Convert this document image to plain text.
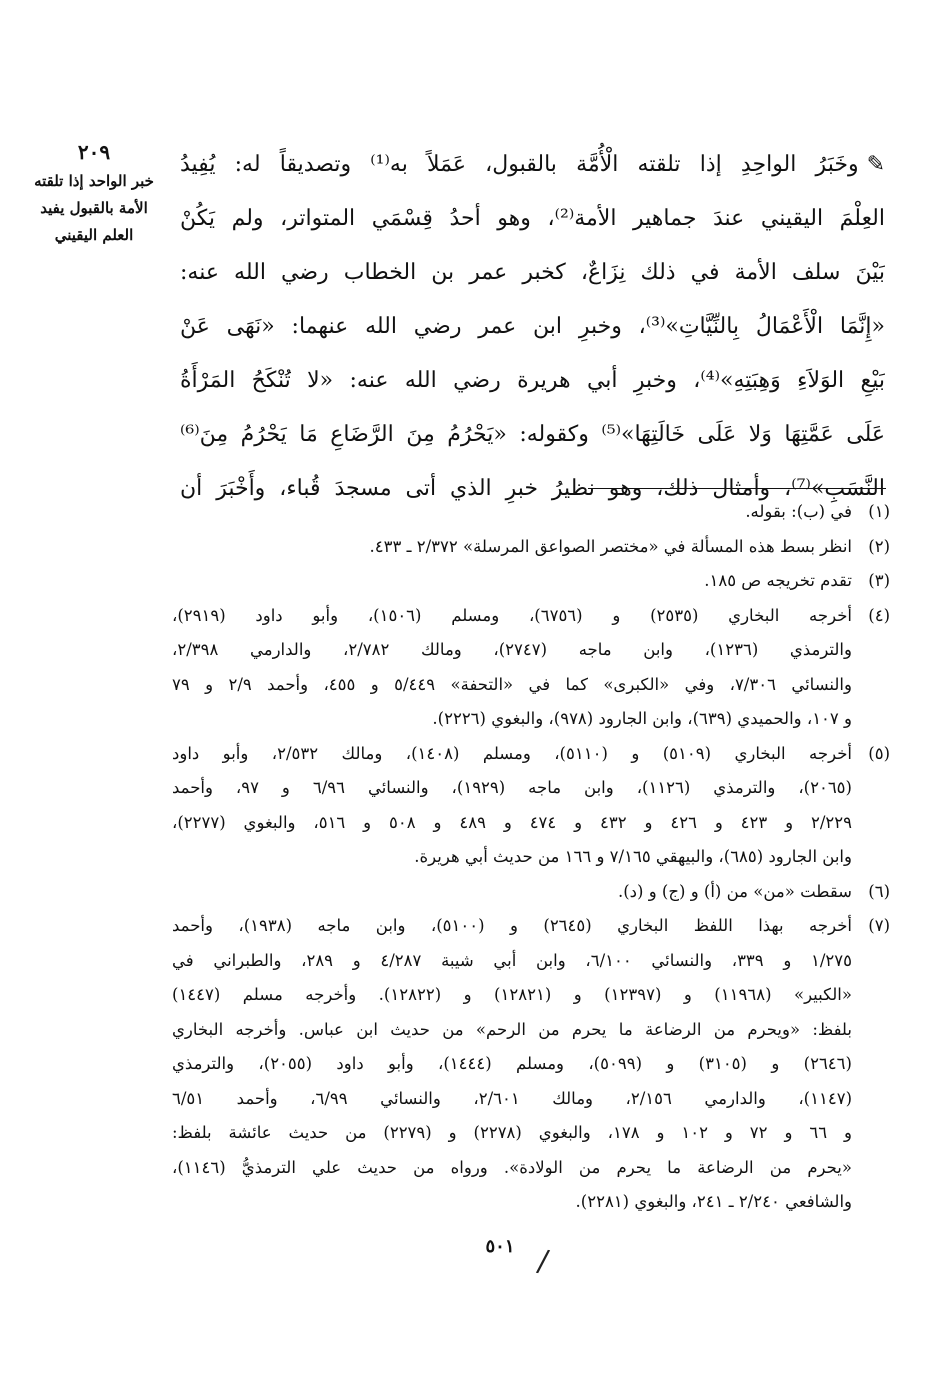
٢٠٩
خبر الواحد إذا تلقته
الأمة بالقبول يفيد
العلم اليقيني
✎وخَبَرُ الواحِدِ إذا تلقته الْأُمَّة بالقبول، عَمَلاً به⁽¹⁾ وتصديقاً له: يُفِيدُ
العِلْمَ اليقيني عندَ جماهير الأمة⁽²⁾، وهو أحدُ قِسْمَي المتواتر، ولم يَكُنْ
بَيْنَ سلف الأمة في ذلك نِزَاعٌ، كخبر عمر بن الخطاب رضي الله عنه:
«إِنَّمَا الْأَعْمَالُ بِالنِّيَّاتِ»⁽³⁾، وخبرِ ابن عمر رضي الله عنهما: «نَهَى عَنْ
بَيْعِ الوَلاَءِ وَهِبَتِهِ»⁽⁴⁾، وخبرِ أبي هريرة رضي الله عنه: «لا تُنْكَحُ المَرْأَةُ
عَلَى عَمَّتِهَا وَلا عَلَى خَالَتِهَا»⁽⁵⁾ وكقوله: «يَحْرُمُ مِنَ الرَّضَاعِ مَا يَحْرُمُ مِنَ⁽⁶⁾
النَّسَبِ»⁽⁷⁾، وأمثال ذلك، وهو نظيرُ خبرِ الذي أتى مسجدَ قُباء، وأَخْبَرَ أن
(١)
في (ب): بقوله.
(٢)
انظر بسط هذه المسألة في «مختصر الصواعق المرسلة» ٢/٣٧٢ ـ ٤٣٣.
(٣)
تقدم تخريجه ص ١٨٥.
(٤)
أخرجه البخاري (٢٥٣٥) و (٦٧٥٦)، ومسلم (١٥٠٦)، وأبو داود (٢٩١٩)،
والترمذي (١٢٣٦)، وابن ماجه (٢٧٤٧)، ومالك ٢/٧٨٢، والدارمي ٢/٣٩٨،
والنسائي ٧/٣٠٦، وفي «الكبرى» كما في «التحفة» ٥/٤٤٩ و ٤٥٥، وأحمد ٢/٩ و ٧٩
و ١٠٧، والحميدي (٦٣٩)، وابن الجارود (٩٧٨)، والبغوي (٢٢٢٦).
(٥)
أخرجه البخاري (٥١٠٩) و (٥١١٠)، ومسلم (١٤٠٨)، ومالك ٢/٥٣٢، وأبو داود
(٢٠٦٥)، والترمذي (١١٢٦)، وابن ماجه (١٩٢٩)، والنسائي ٦/٩٦ و ٩٧، وأحمد
٢/٢٢٩ و ٤٢٣ و ٤٢٦ و ٤٣٢ و ٤٧٤ و ٤٨٩ و ٥٠٨ و ٥١٦، والبغوي (٢٢٧٧)،
وابن الجارود (٦٨٥)، والبيهقي ٧/١٦٥ و ١٦٦ من حديث أبي هريرة.
(٦)
سقطت «من» من (أ) و (ج) و (د).
(٧)
أخرجه بهذا اللفظ البخاري (٢٦٤٥) و (٥١٠٠)، وابن ماجه (١٩٣٨)، وأحمد
١/٢٧٥ و ٣٣٩، والنسائي ٦/١٠٠، وابن أبي شيبة ٤/٢٨٧ و ٢٨٩، والطبراني في
«الكبير» (١١٩٦٨) و (١٢٣٩٧) و (١٢٨٢١) و (١٢٨٢٢). وأخرجه مسلم (١٤٤٧)
بلفظ: «ويحرم من الرضاعة ما يحرم من الرحم» من حديث ابن عباس. وأخرجه البخاري
(٢٦٤٦) و (٣١٠٥) و (٥٠٩٩)، ومسلم (١٤٤٤)، وأبو داود (٢٠٥٥)، والترمذي
(١١٤٧)، والدارمي ٢/١٥٦، ومالك ٢/٦٠١، والنسائي ٦/٩٩، وأحمد ٦/٥١
و ٦٦ و ٧٢ و ١٠٢ و ١٧٨، والبغوي (٢٢٧٨) و (٢٢٧٩) من حديث عائشة بلفظ:
«يحرم من الرضاعة ما يحرم من الولادة». ورواه من حديث علي الترمذيُّ (١١٤٦)،
والشافعي ٢/٢٤٠ ـ ٢٤١، والبغوي (٢٢٨١).
٥٠١ /
